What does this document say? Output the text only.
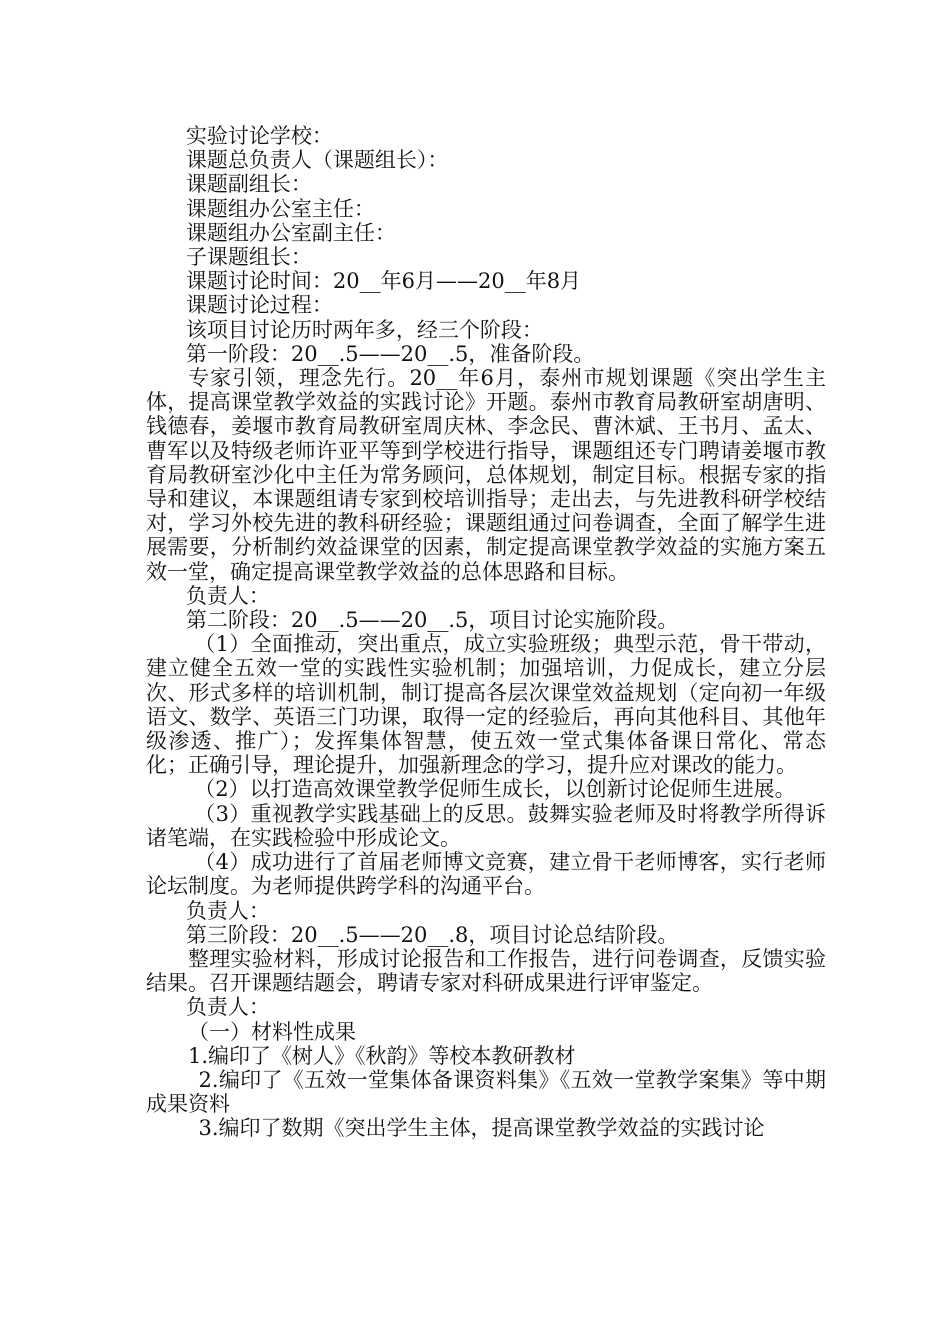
实验讨论学校：

课题总负责人（课题组长）：

课题副组长：

课题组办公室主任：

课题组办公室副主任：

子课题组长：

课题讨论时间：20__年6月——20__年8月

课题讨论过程：

该项目讨论历时两年多，经三个阶段：

第一阶段：20__.5——20__.5，准备阶段。

专家引领，理念先行。20__年6月，泰州市规划课题《突出学生主体，提高课堂教学效益的实践讨论》开题。泰州市教育局教研室胡唐明、钱德春，姜堰市教育局教研室周庆林、李念民、曹沐斌、王书月、孟太、曹军以及特级老师许亚平等到学校进行指导，课题组还专门聘请姜堰市教育局教研室沙化中主任为常务顾问，总体规划，制定目标。根据专家的指导和建议，本课题组请专家到校培训指导；走出去，与先进教科研学校结对，学习外校先进的教科研经验；课题组通过问卷调查，全面了解学生进展需要，分析制约效益课堂的因素，制定提高课堂教学效益的实施方案五效一堂，确定提高课堂教学效益的总体思路和目标。

负责人：

第二阶段：20__.5——20__.5，项目讨论实施阶段。

（1）全面推动，突出重点，成立实验班级；典型示范，骨干带动，建立健全五效一堂的实践性实验机制；加强培训，力促成长，建立分层次、形式多样的培训机制，制订提高各层次课堂效益规划（定向初一年级语文、数学、英语三门功课，取得一定的经验后，再向其他科目、其他年级渗透、推广）；发挥集体智慧，使五效一堂式集体备课日常化、常态化；正确引导，理论提升，加强新理念的学习，提升应对课改的能力。

（2）以打造高效课堂教学促师生成长，以创新讨论促师生进展。

（3）重视教学实践基础上的反思。鼓舞实验老师及时将教学所得诉诸笔端，在实践检验中形成论文。

（4）成功进行了首届老师博文竞赛，建立骨干老师博客，实行老师论坛制度。为老师提供跨学科的沟通平台。

负责人：

第三阶段：20__.5——20__.8，项目讨论总结阶段。

整理实验材料，形成讨论报告和工作报告，进行问卷调查，反馈实验结果。召开课题结题会，聘请专家对科研成果进行评审鉴定。

负责人：

（一）材料性成果

1.编印了《树人》《秋韵》等校本教研教材

2.编印了《五效一堂集体备课资料集》《五效一堂教学案集》等中期成果资料

3.编印了数期《突出学生主体，提高课堂教学效益的实践讨论
